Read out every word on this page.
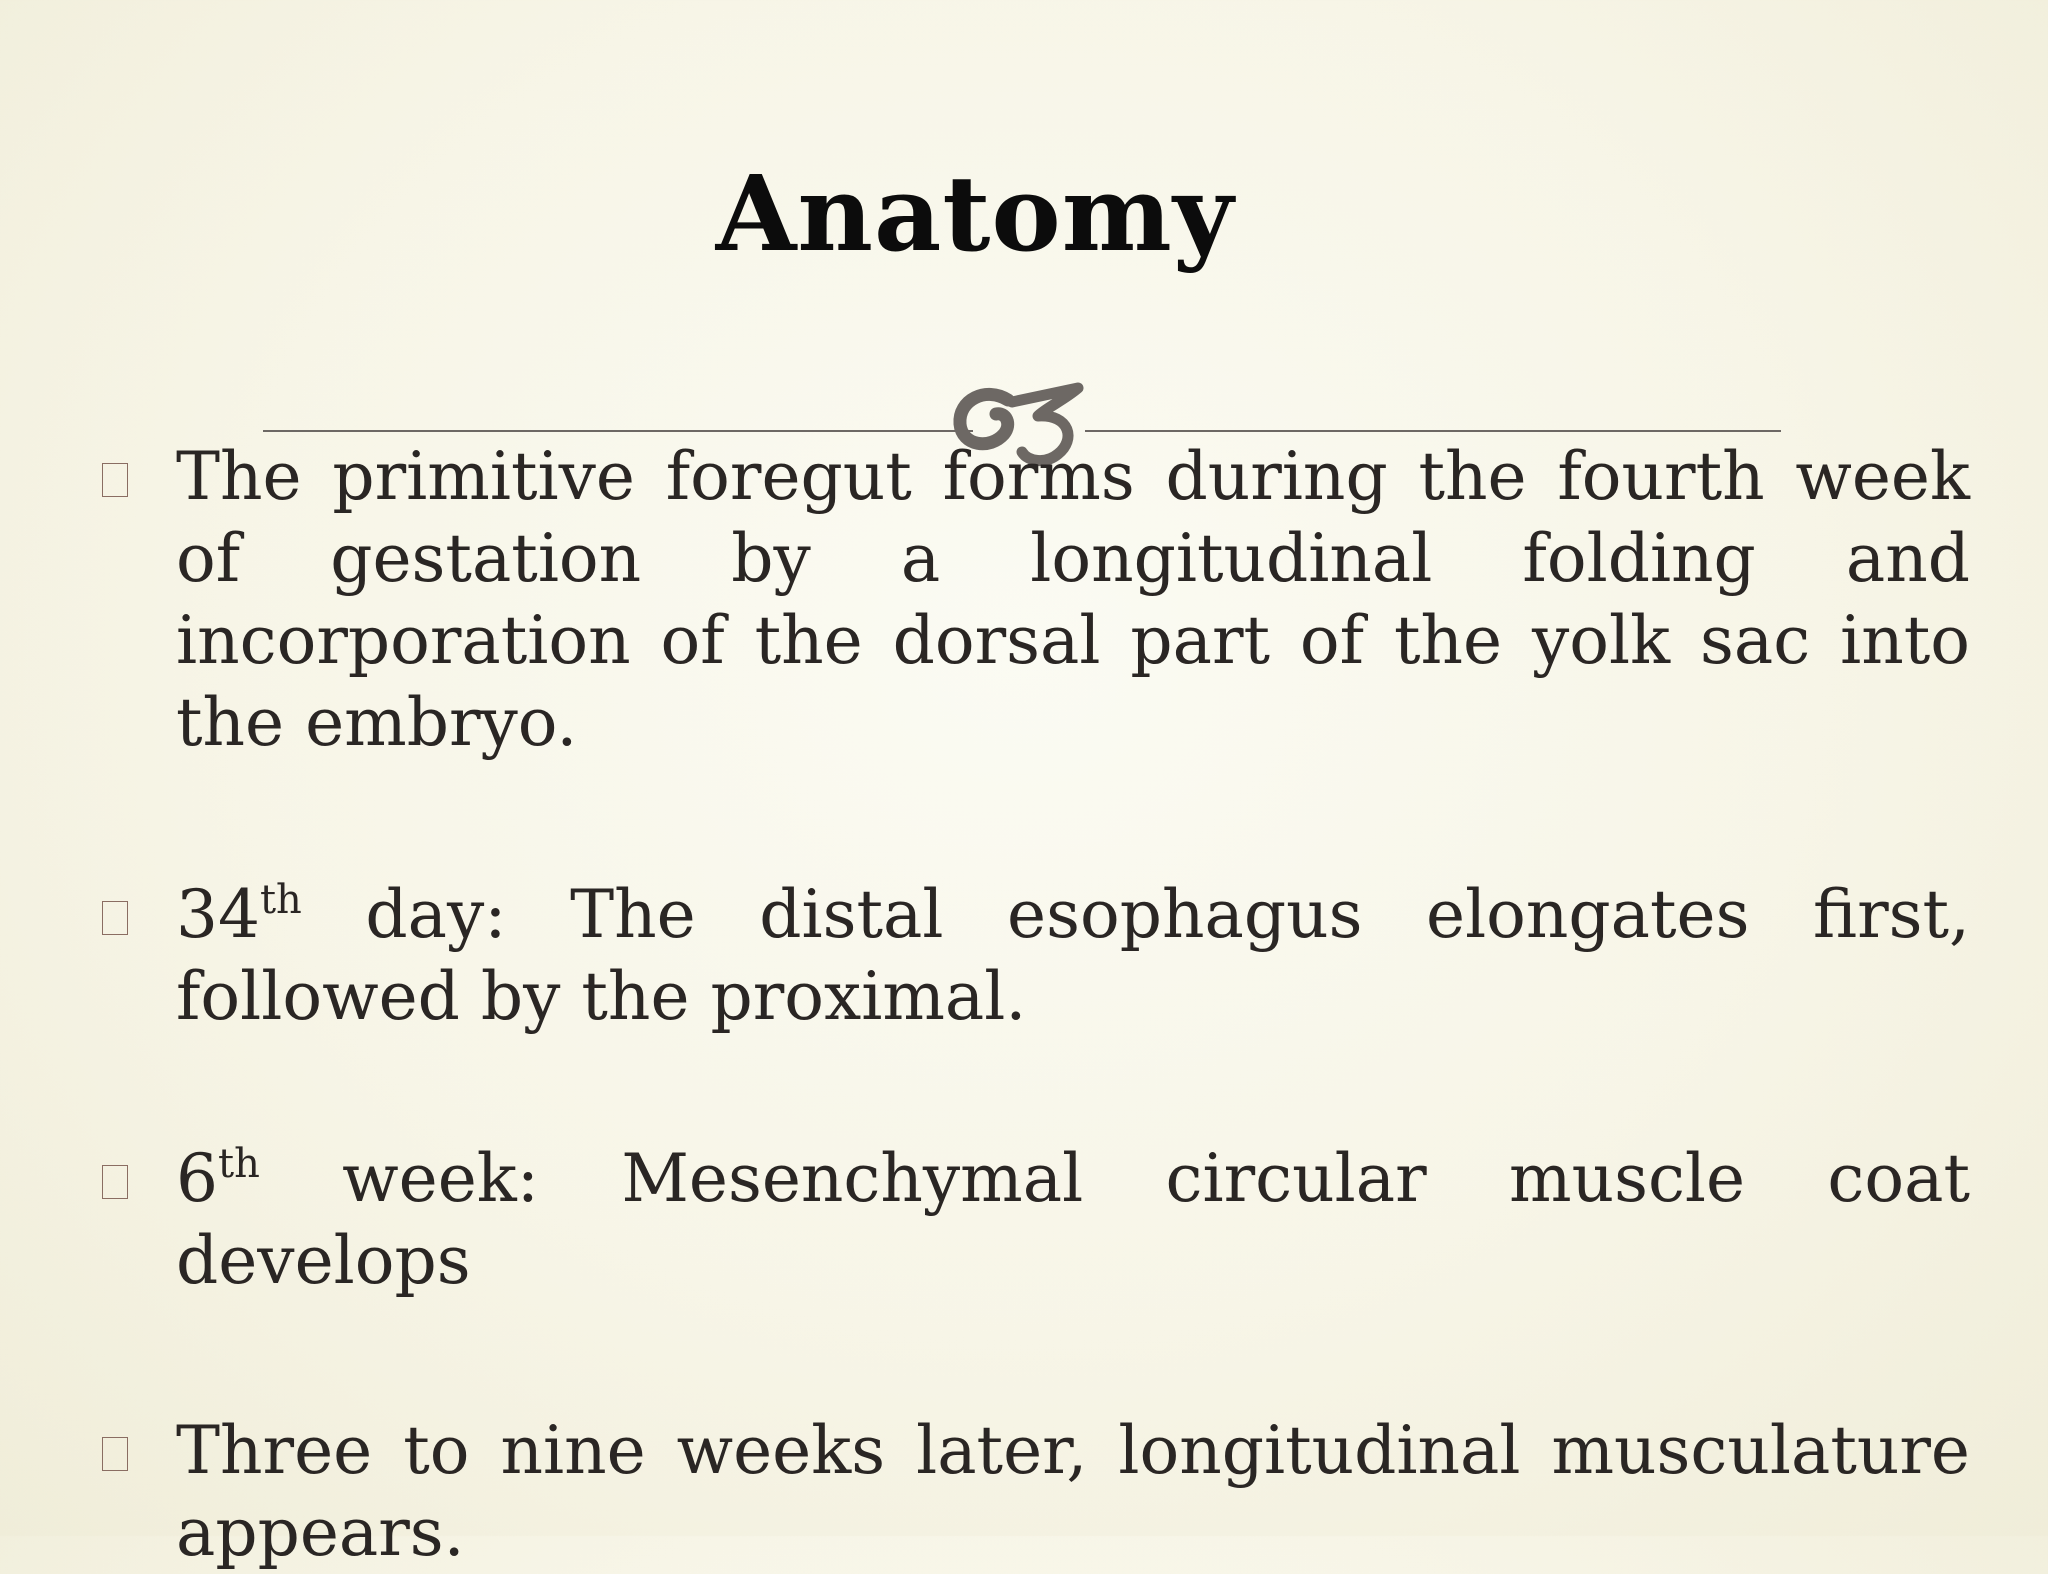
Anatomy
The primitive foregut forms during the fourth week of gestation by a longitudinal folding and incorporation of the dorsal part of the yolk sac into the embryo.
34th day: The distal esophagus elongates first, followed by the proximal.
6th week: Mesenchymal circular muscle coat develops
Three to nine weeks later, longitudinal musculature appears.
